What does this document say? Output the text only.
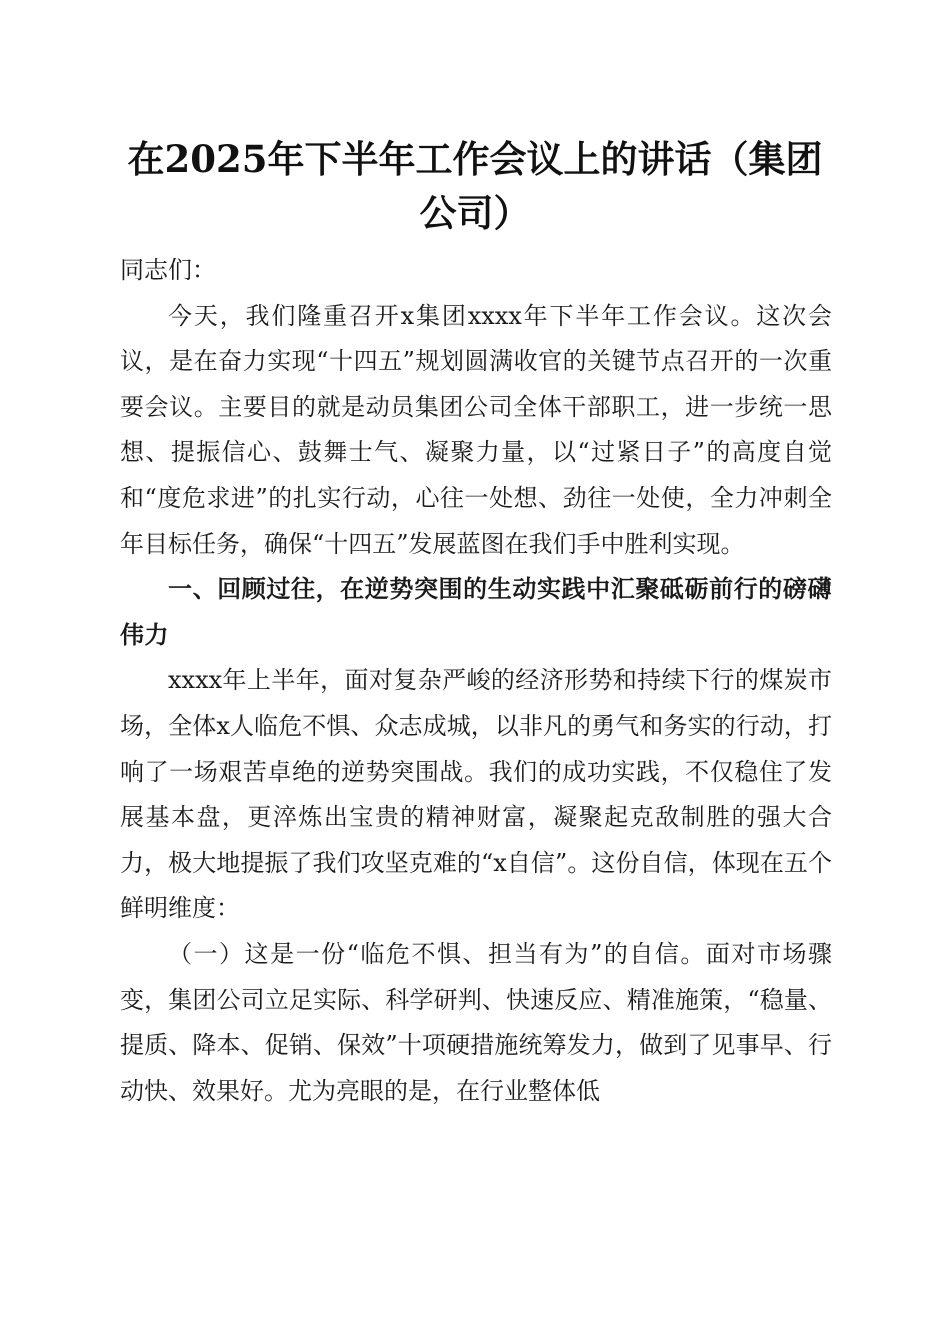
在2025年下半年工作会议上的讲话（集团公司）

同志们：

今天，我们隆重召开x集团xxxx年下半年工作会议。这次会议，是在奋力实现“十四五”规划圆满收官的关键节点召开的一次重要会议。主要目的就是动员集团公司全体干部职工，进一步统一思想、提振信心、鼓舞士气、凝聚力量，以“过紧日子”的高度自觉和“度危求进”的扎实行动，心往一处想、劲往一处使，全力冲刺全年目标任务，确保“十四五”发展蓝图在我们手中胜利实现。

一、回顾过往，在逆势突围的生动实践中汇聚砥砺前行的磅礴伟力

xxxx年上半年，面对复杂严峻的经济形势和持续下行的煤炭市场，全体x人临危不惧、众志成城，以非凡的勇气和务实的行动，打响了一场艰苦卓绝的逆势突围战。我们的成功实践，不仅稳住了发展基本盘，更淬炼出宝贵的精神财富，凝聚起克敌制胜的强大合力，极大地提振了我们攻坚克难的“x自信”。这份自信，体现在五个鲜明维度：

（一）这是一份“临危不惧、担当有为”的自信。面对市场骤变，集团公司立足实际、科学研判、快速反应、精准施策，“稳量、提质、降本、促销、保效”十项硬措施统筹发力，做到了见事早、行动快、效果好。尤为亮眼的是，在行业整体低
